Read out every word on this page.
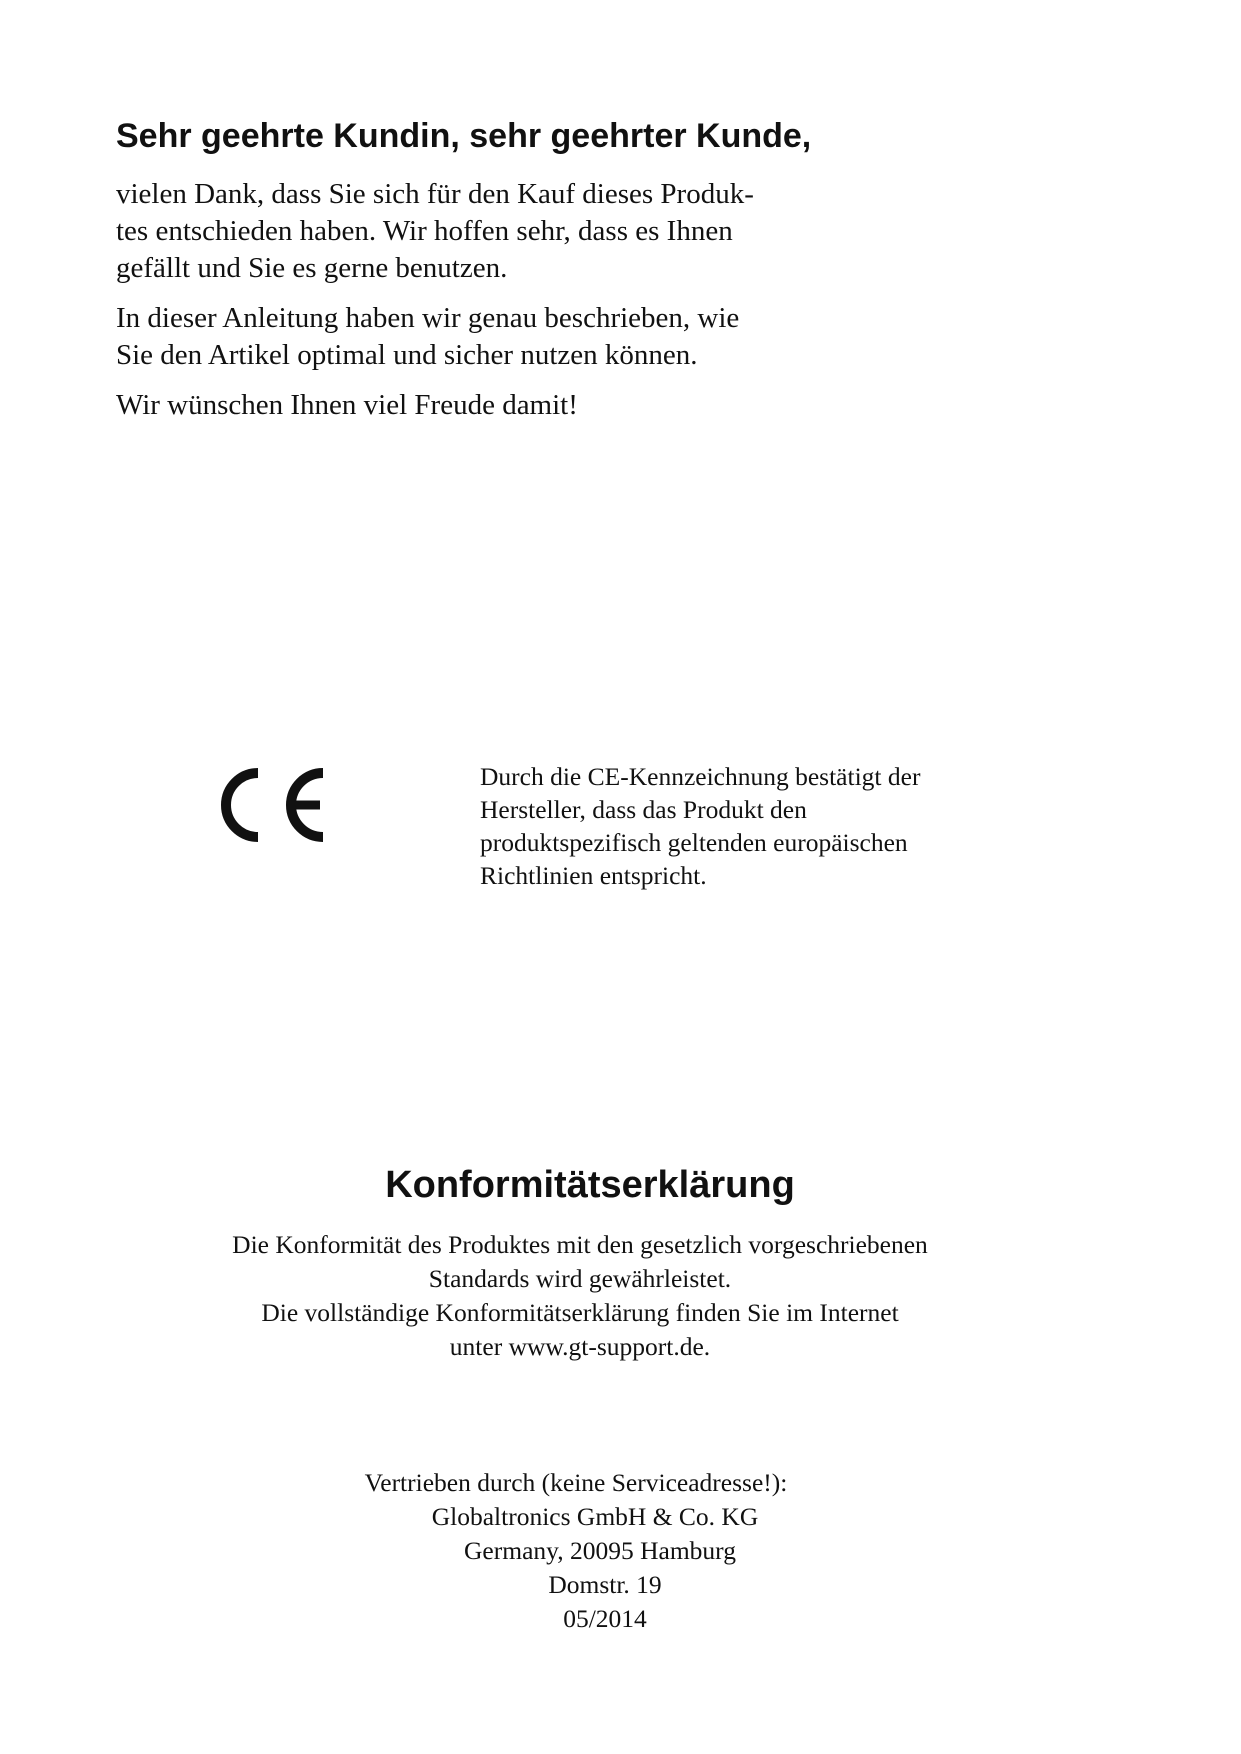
Sehr geehrte Kundin, sehr geehrter Kunde,

vielen Dank, dass Sie sich für den Kauf dieses Produk-
tes entschieden haben. Wir hoffen sehr, dass es Ihnen
gefällt und Sie es gerne benutzen.

In dieser Anleitung haben wir genau beschrieben, wie
Sie den Artikel optimal und sicher nutzen können.

Wir wünschen Ihnen viel Freude damit!

Durch die CE-Kennzeichnung bestätigt der
Hersteller, dass das Produkt den
produktspezifisch geltenden europäischen
Richtlinien entspricht.
Konformitätserklärung
Die Konformität des Produktes mit den gesetzlich vorgeschriebenen
Standards wird gewährleistet.
Die vollständige Konformitätserklärung finden Sie im Internet
unter www.gt-support.de.
Vertrieben durch (keine Serviceadresse!):
Globaltronics GmbH & Co. KG
Germany, 20095 Hamburg
Domstr. 19
05/2014
